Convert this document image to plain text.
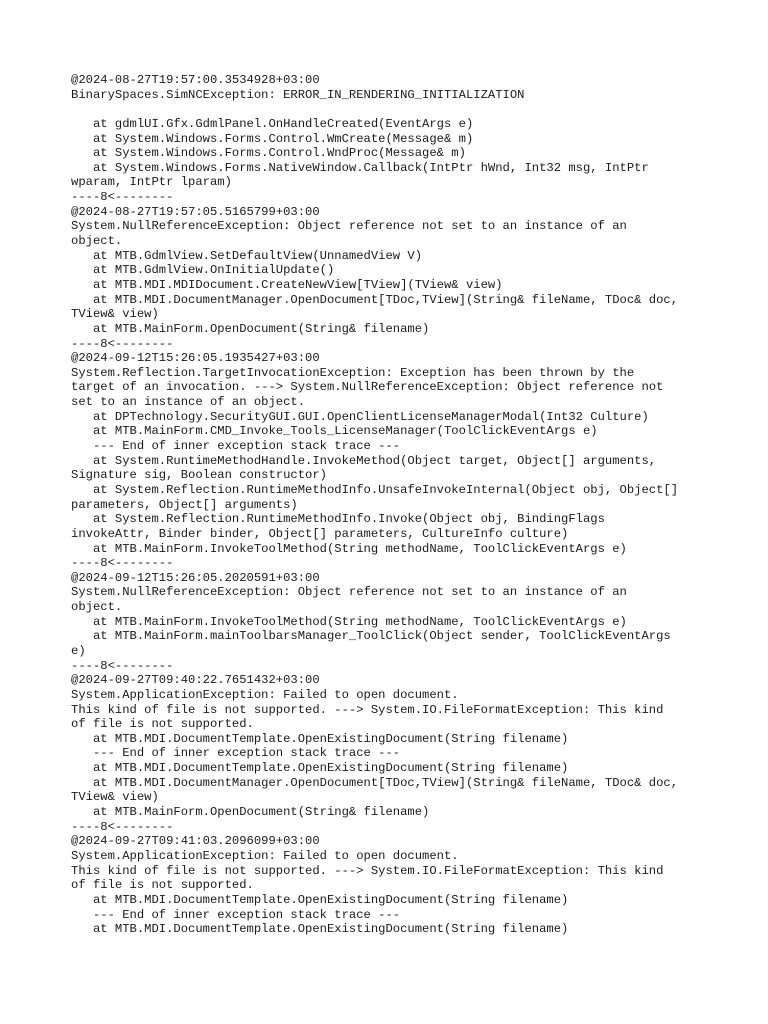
@2024-08-27T19:57:00.3534928+03:00
BinarySpaces.SimNCException: ERROR_IN_RENDERING_INITIALIZATION
at gdmlUI.Gfx.GdmlPanel.OnHandleCreated(EventArgs e)
at System.Windows.Forms.Control.WmCreate(Message& m)
at System.Windows.Forms.Control.WndProc(Message& m)
at System.Windows.Forms.NativeWindow.Callback(IntPtr hWnd, Int32 msg, IntPtr
wparam, IntPtr lparam)
----8<--------
@2024-08-27T19:57:05.5165799+03:00
System.NullReferenceException: Object reference not set to an instance of an
object.
at MTB.GdmlView.SetDefaultView(UnnamedView V)
at MTB.GdmlView.OnInitialUpdate()
at MTB.MDI.MDIDocument.CreateNewView[TView](TView& view)
at MTB.MDI.DocumentManager.OpenDocument[TDoc,TView](String& fileName, TDoc& doc,
TView& view)
at MTB.MainForm.OpenDocument(String& filename)
----8<--------
@2024-09-12T15:26:05.1935427+03:00
System.Reflection.TargetInvocationException: Exception has been thrown by the
target of an invocation. ---> System.NullReferenceException: Object reference not
set to an instance of an object.
at DPTechnology.SecurityGUI.GUI.OpenClientLicenseManagerModal(Int32 Culture)
at MTB.MainForm.CMD_Invoke_Tools_LicenseManager(ToolClickEventArgs e)
--- End of inner exception stack trace ---
at System.RuntimeMethodHandle.InvokeMethod(Object target, Object[] arguments,
Signature sig, Boolean constructor)
at System.Reflection.RuntimeMethodInfo.UnsafeInvokeInternal(Object obj, Object[]
parameters, Object[] arguments)
at System.Reflection.RuntimeMethodInfo.Invoke(Object obj, BindingFlags
invokeAttr, Binder binder, Object[] parameters, CultureInfo culture)
at MTB.MainForm.InvokeToolMethod(String methodName, ToolClickEventArgs e)
----8<--------
@2024-09-12T15:26:05.2020591+03:00
System.NullReferenceException: Object reference not set to an instance of an
object.
at MTB.MainForm.InvokeToolMethod(String methodName, ToolClickEventArgs e)
at MTB.MainForm.mainToolbarsManager_ToolClick(Object sender, ToolClickEventArgs
e)
----8<--------
@2024-09-27T09:40:22.7651432+03:00
System.ApplicationException: Failed to open document.
This kind of file is not supported. ---> System.IO.FileFormatException: This kind
of file is not supported.
at MTB.MDI.DocumentTemplate.OpenExistingDocument(String filename)
--- End of inner exception stack trace ---
at MTB.MDI.DocumentTemplate.OpenExistingDocument(String filename)
at MTB.MDI.DocumentManager.OpenDocument[TDoc,TView](String& fileName, TDoc& doc,
TView& view)
at MTB.MainForm.OpenDocument(String& filename)
----8<--------
@2024-09-27T09:41:03.2096099+03:00
System.ApplicationException: Failed to open document.
This kind of file is not supported. ---> System.IO.FileFormatException: This kind
of file is not supported.
at MTB.MDI.DocumentTemplate.OpenExistingDocument(String filename)
--- End of inner exception stack trace ---
at MTB.MDI.DocumentTemplate.OpenExistingDocument(String filename)
